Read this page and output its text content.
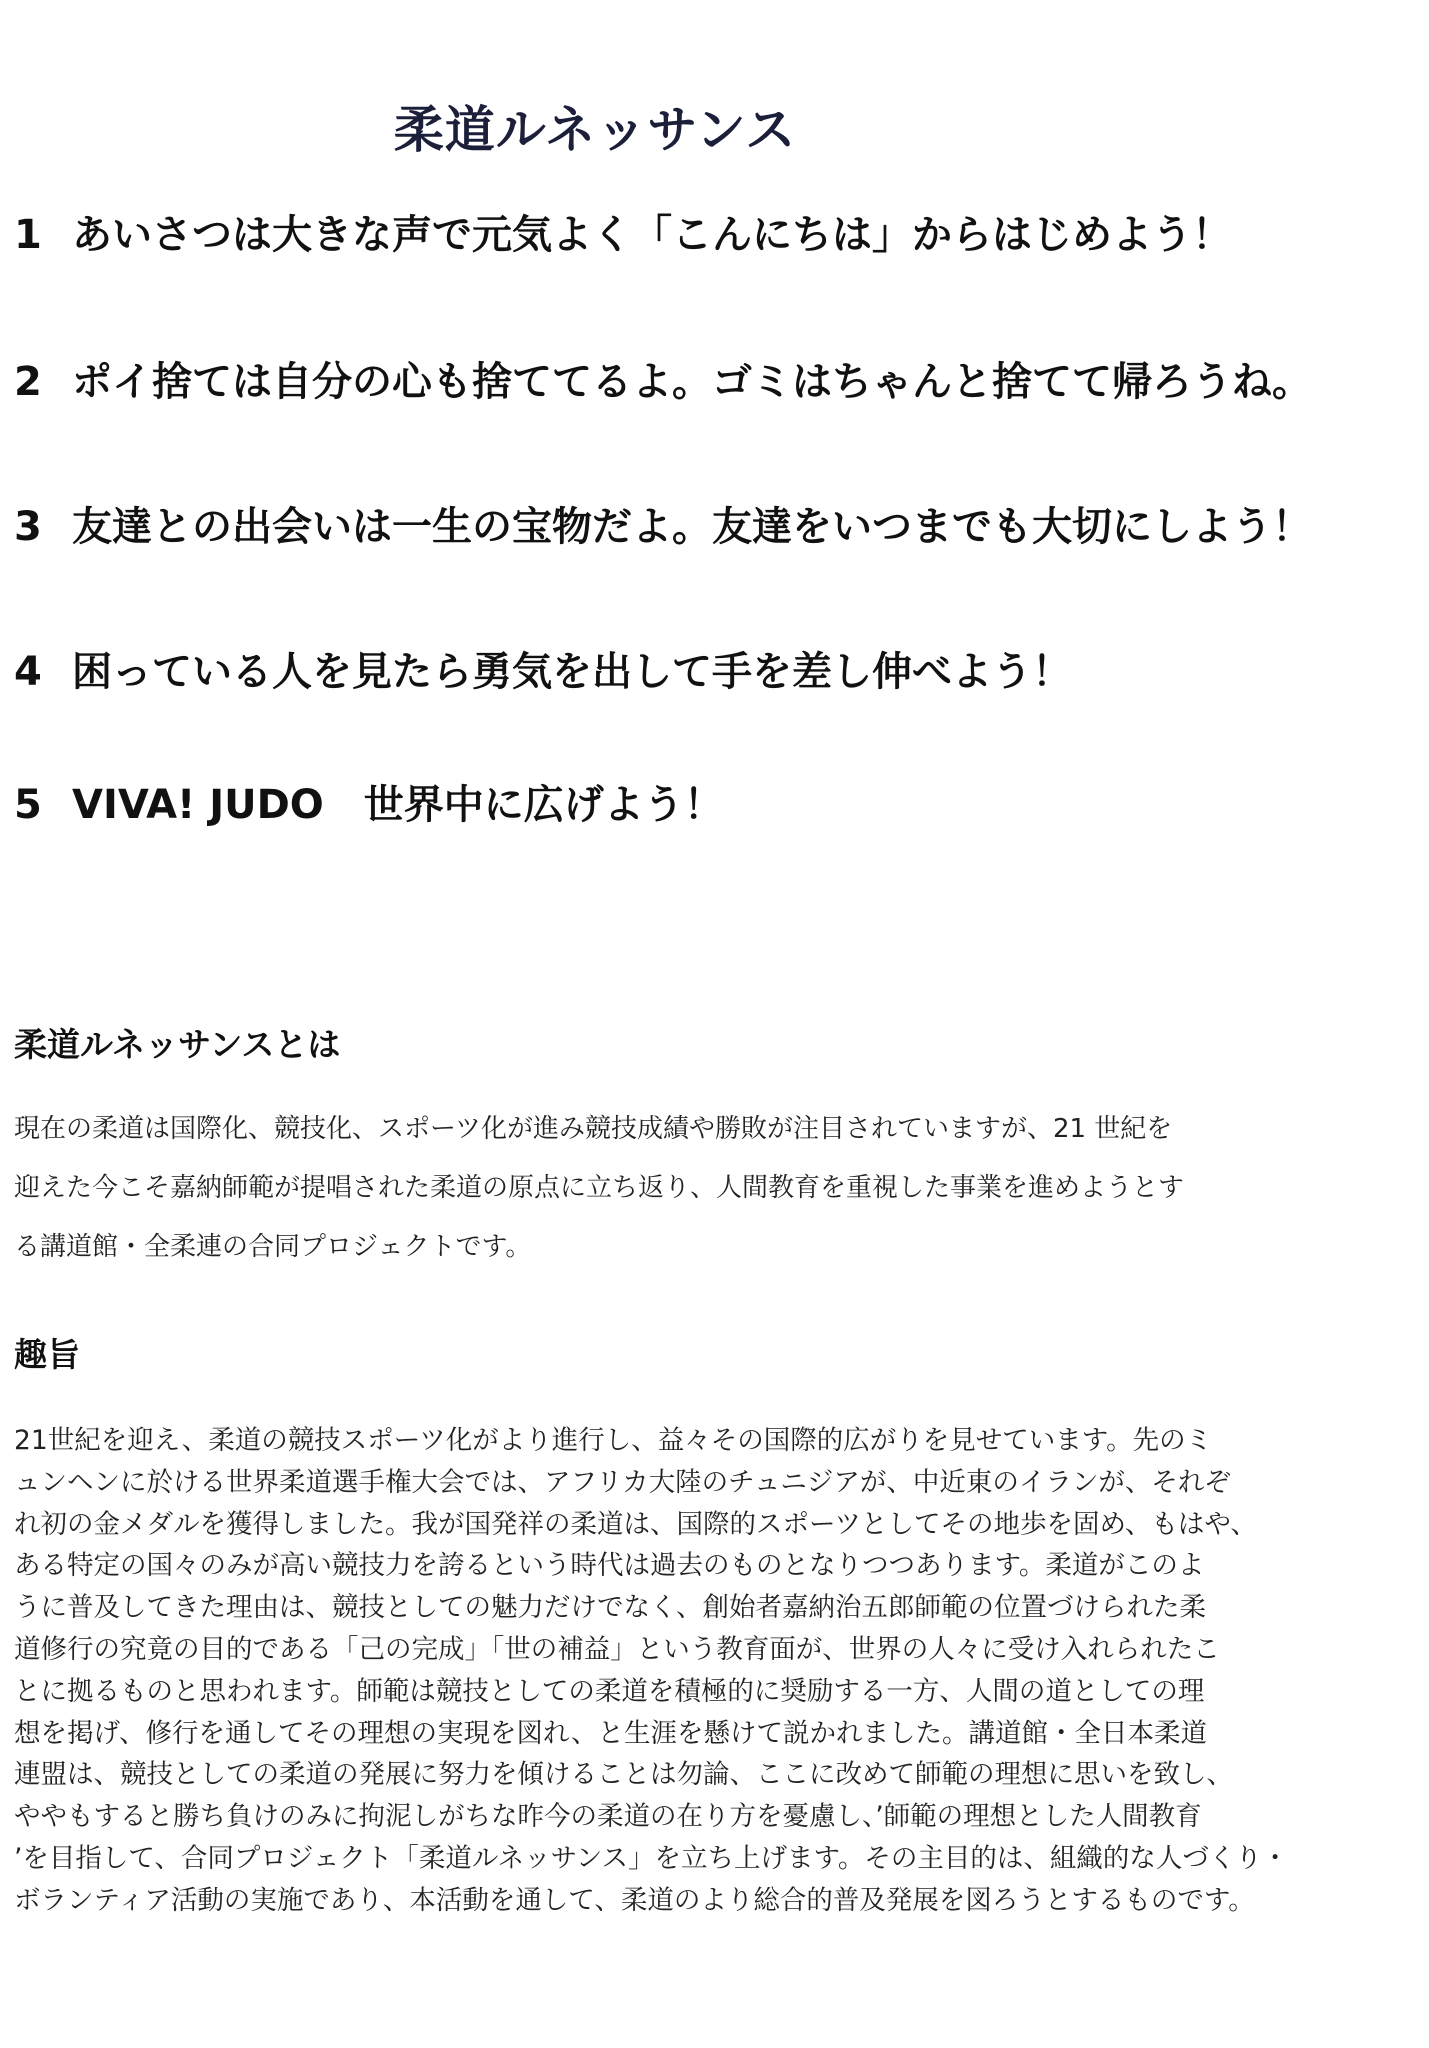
柔道ルネッサンス
1 あいさつは大きな声で元気よく「こんにちは」からはじめよう！
2 ポイ捨ては自分の心も捨ててるよ。ゴミはちゃんと捨てて帰ろうね。
3 友達との出会いは一生の宝物だよ。友達をいつまでも大切にしよう！
4 困っている人を見たら勇気を出して手を差し伸べよう！
5 VIVA! JUDO　世界中に広げよう！
柔道ルネッサンスとは
現在の柔道は国際化、競技化、スポーツ化が進み競技成績や勝敗が注目されていますが、21 世紀を
迎えた今こそ嘉納師範が提唱された柔道の原点に立ち返り、人間教育を重視した事業を進めようとす
る講道館・全柔連の合同プロジェクトです。
趣旨
21世紀を迎え、柔道の競技スポーツ化がより進行し、益々その国際的広がりを見せています。先のミ
ュンヘンに於ける世界柔道選手権大会では、アフリカ大陸のチュニジアが、中近東のイランが、それぞ
れ初の金メダルを獲得しました。我が国発祥の柔道は、国際的スポーツとしてその地歩を固め、もはや、
ある特定の国々のみが高い競技力を誇るという時代は過去のものとなりつつあります。柔道がこのよ
うに普及してきた理由は、競技としての魅力だけでなく、創始者嘉納治五郎師範の位置づけられた柔
道修行の究竟の目的である「己の完成」「世の補益」という教育面が、世界の人々に受け入れられたこ
とに拠るものと思われます。師範は競技としての柔道を積極的に奨励する一方、人間の道としての理
想を掲げ、修行を通してその理想の実現を図れ、と生涯を懸けて説かれました。講道館・全日本柔道
連盟は、競技としての柔道の発展に努力を傾けることは勿論、ここに改めて師範の理想に思いを致し、
ややもすると勝ち負けのみに拘泥しがちな昨今の柔道の在り方を憂慮し、’師範の理想とした人間教育
’を目指して、合同プロジェクト「柔道ルネッサンス」を立ち上げます。その主目的は、組織的な人づくり・
ボランティア活動の実施であり、本活動を通して、柔道のより総合的普及発展を図ろうとするものです。
